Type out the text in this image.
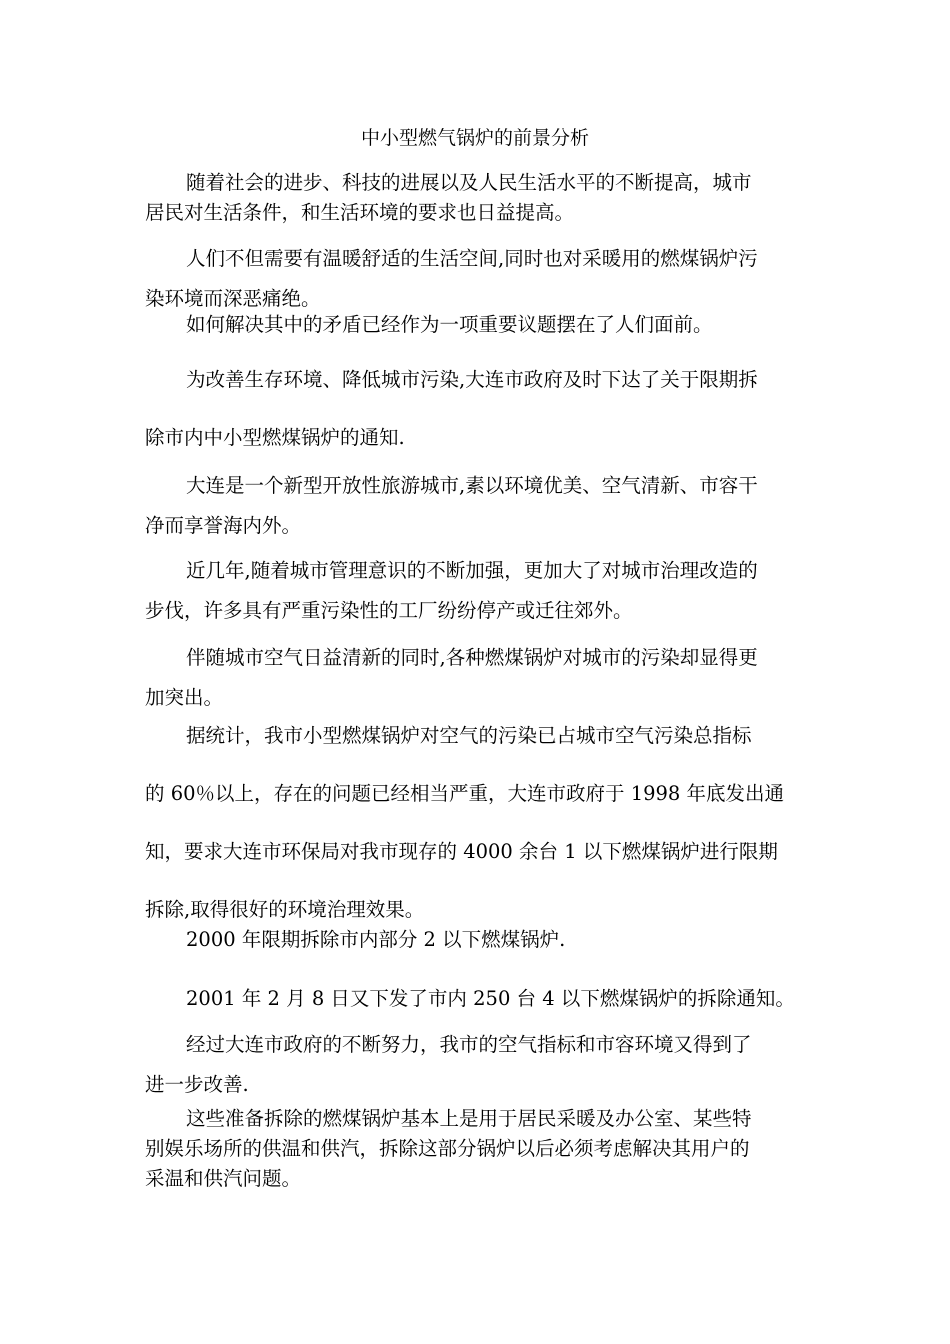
中小型燃气锅炉的前景分析
随着社会的进步、科技的进展以及人民生活水平的不断提高，城市
居民对生活条件，和生活环境的要求也日益提高。
人们不但需要有温暖舒适的生活空间,同时也对采暖用的燃煤锅炉污
染环境而深恶痛绝。
如何解决其中的矛盾已经作为一项重要议题摆在了人们面前。
为改善生存环境、降低城市污染,大连市政府及时下达了关于限期拆
除市内中小型燃煤锅炉的通知.
大连是一个新型开放性旅游城市,素以环境优美、空气清新、市容干
净而享誉海内外。
近几年,随着城市管理意识的不断加强，更加大了对城市治理改造的
步伐，许多具有严重污染性的工厂纷纷停产或迁往郊外。
伴随城市空气日益清新的同时,各种燃煤锅炉对城市的污染却显得更
加突出。
据统计，我市小型燃煤锅炉对空气的污染已占城市空气污染总指标
的 60％以上，存在的问题已经相当严重，大连市政府于 1998 年底发出通
知，要求大连市环保局对我市现存的 4000 余台 1 以下燃煤锅炉进行限期
拆除,取得很好的环境治理效果。
2000 年限期拆除市内部分 2 以下燃煤锅炉.
2001 年 2 月 8 日又下发了市内 250 台 4 以下燃煤锅炉的拆除通知。
经过大连市政府的不断努力，我市的空气指标和市容环境又得到了
进一步改善.
这些准备拆除的燃煤锅炉基本上是用于居民采暖及办公室、某些特
别娱乐场所的供温和供汽，拆除这部分锅炉以后必须考虑解决其用户的
采温和供汽问题。
